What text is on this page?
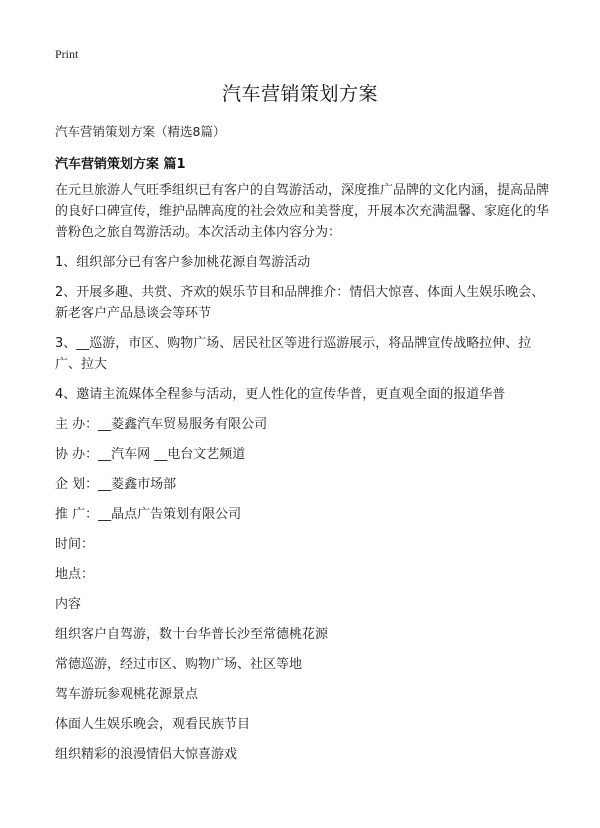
Print
汽车营销策划方案
汽车营销策划方案（精选8篇）
汽车营销策划方案 篇1

在元旦旅游人气旺季组织已有客户的自驾游活动，深度推广品牌的文化内涵，提高品牌的良好口碑宣传，维护品牌高度的社会效应和美誉度，开展本次充满温馨、家庭化的华普粉色之旅自驾游活动。本次活动主体内容分为：

1、组织部分已有客户参加桃花源自驾游活动

2、开展多趣、共赏、齐欢的娱乐节目和品牌推介：情侣大惊喜、体面人生娱乐晚会、新老客户产品恳谈会等环节

3、__巡游，市区、购物广场、居民社区等进行巡游展示，将品牌宣传战略拉伸、拉广、拉大

4、邀请主流媒体全程参与活动，更人性化的宣传华普，更直观全面的报道华普

主 办：__菱鑫汽车贸易服务有限公司

协 办：__汽车网 __电台文艺频道

企 划：__菱鑫市场部

推 广：__晶点广告策划有限公司

时间：

地点：

内容

组织客户自驾游，数十台华普长沙至常德桃花源

常德巡游，经过市区、购物广场、社区等地

驾车游玩参观桃花源景点

体面人生娱乐晚会，观看民族节目

组织精彩的浪漫情侣大惊喜游戏
